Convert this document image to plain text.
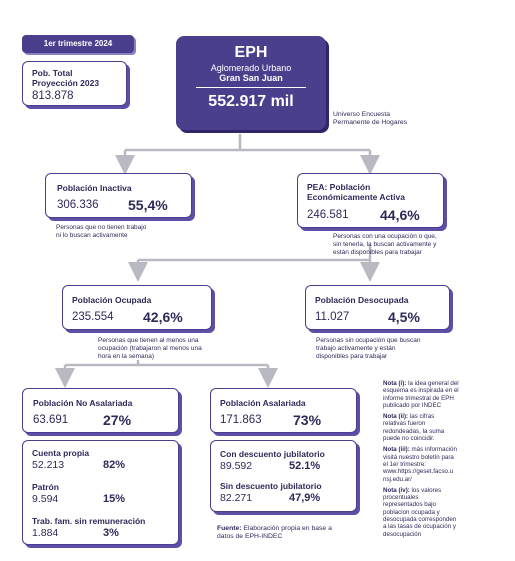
1er trimestre 2024
Pob. Total
Proyección 2023
813.878
EPH
Aglomerado Urbano
Gran San Juan
552.917 mil
Universo Encuesta
Permanente de Hogares
Población Inactiva
306.336 55,4%
Personas que no tienen trabajo
ni lo buscan activamente
PEA: Población
Económicamente Activa
246.581 44,6%
Personas con una ocupación o que,
sin tenerla, la buscan activamente y
están disponibles para trabajar
Población Ocupada
235.554 42,6%
Personas que tienen al menos una
ocupación (trabajaron al menos una
hora en la semana)
Población Desocupada
11.027	4,5%
Personas sin ocupación que buscan
trabajo activamente y están
disponibles para trabajar
Población No Asalariada
63.691 27%
Cuenta propia
52.213	82%
Patrón
9.594	15%
Trab. fam. sin remuneración
1.884	3%
Población Asalariada
171.863 73%
Con descuento jubilatorio
89.592	52.1%
Sin descuento jubilatorio
82.271	47,9%
Fuente: Elaboración propia en base a
datos de EPH-INDEC
Nota (i): la idea general del
esquema es inspirada en el
informe trimestral de EPH
publicado por INDEC
Nota (ii): las cifras
relativas fueron
redondeadas, la suma
puede no coincidir.
Nota (iii): más información
visitá nuestro boletín para
el 1er trimestre:
www.https://geset.facso.u
nsj.edu.ar/
Nota (iv): los valores
procentuales
representados bajo
poblacion ocupada y
desocupada corresponden
a las tasas de ocupación y
desocupación
